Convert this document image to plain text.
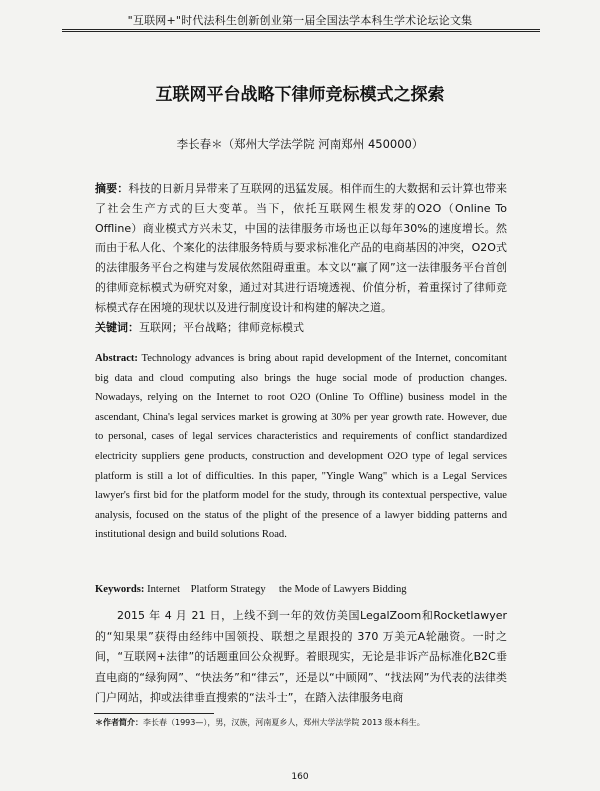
"互联网+"时代法科生创新创业第一届全国法学本科生学术论坛论文集
互联网平台战略下律师竞标模式之探索
李长春＊（郑州大学法学院 河南郑州 450000）
摘要：科技的日新月异带来了互联网的迅猛发展。相伴而生的大数据和云计算也带来了社会生产方式的巨大变革。当下，依托互联网生根发芽的O2O（Online To Offline）商业模式方兴未艾，中国的法律服务市场也正以每年30%的速度增长。然而由于私人化、个案化的法律服务特质与要求标准化产品的电商基因的冲突，O2O式的法律服务平台之构建与发展依然阻碍重重。本文以“赢了网”这一法律服务平台首创的律师竞标模式为研究对象，通过对其进行语境透视、价值分析，着重探讨了律师竞标模式存在困境的现状以及进行制度设计和构建的解决之道。
关键词：互联网；平台战略；律师竞标模式
Abstract: Technology advances is bring about rapid development of the Internet, concomitant big data and cloud computing also brings the huge social mode of production changes. Nowadays, relying on the Internet to root O2O (Online To Offline) business model in the ascendant, China's legal services market is growing at 30% per year growth rate. However, due to personal, cases of legal services characteristics and requirements of conflict standardized electricity suppliers gene products, construction and development O2O type of legal services platform is still a lot of difficulties. In this paper, "Yingle Wang" which is a Legal Services lawyer's first bid for the platform model for the study, through its contextual perspective, value analysis, focused on the status of the plight of the presence of a lawyer bidding patterns and institutional design and build solutions Road.
Keywords: Internet    Platform Strategy     the Mode of Lawyers Bidding
2015 年 4 月 21 日，上线不到一年的效仿美国LegalZoom和Rocketlawyer的“知果果”获得由经纬中国领投、联想之星跟投的 370 万美元A轮融资。一时之间，“互联网+法律”的话题重回公众视野。着眼现实，无论是非诉产品标准化B2C垂直电商的“绿狗网”、“快法务”和“律云”，还是以“中顾网”、“找法网”为代表的法律类门户网站，抑或法律垂直搜索的“法斗士”，在踏入法律服务电商
＊作者简介：李长春（1993—），男，汉族，河南夏乡人，郑州大学法学院 2013 级本科生。
160
